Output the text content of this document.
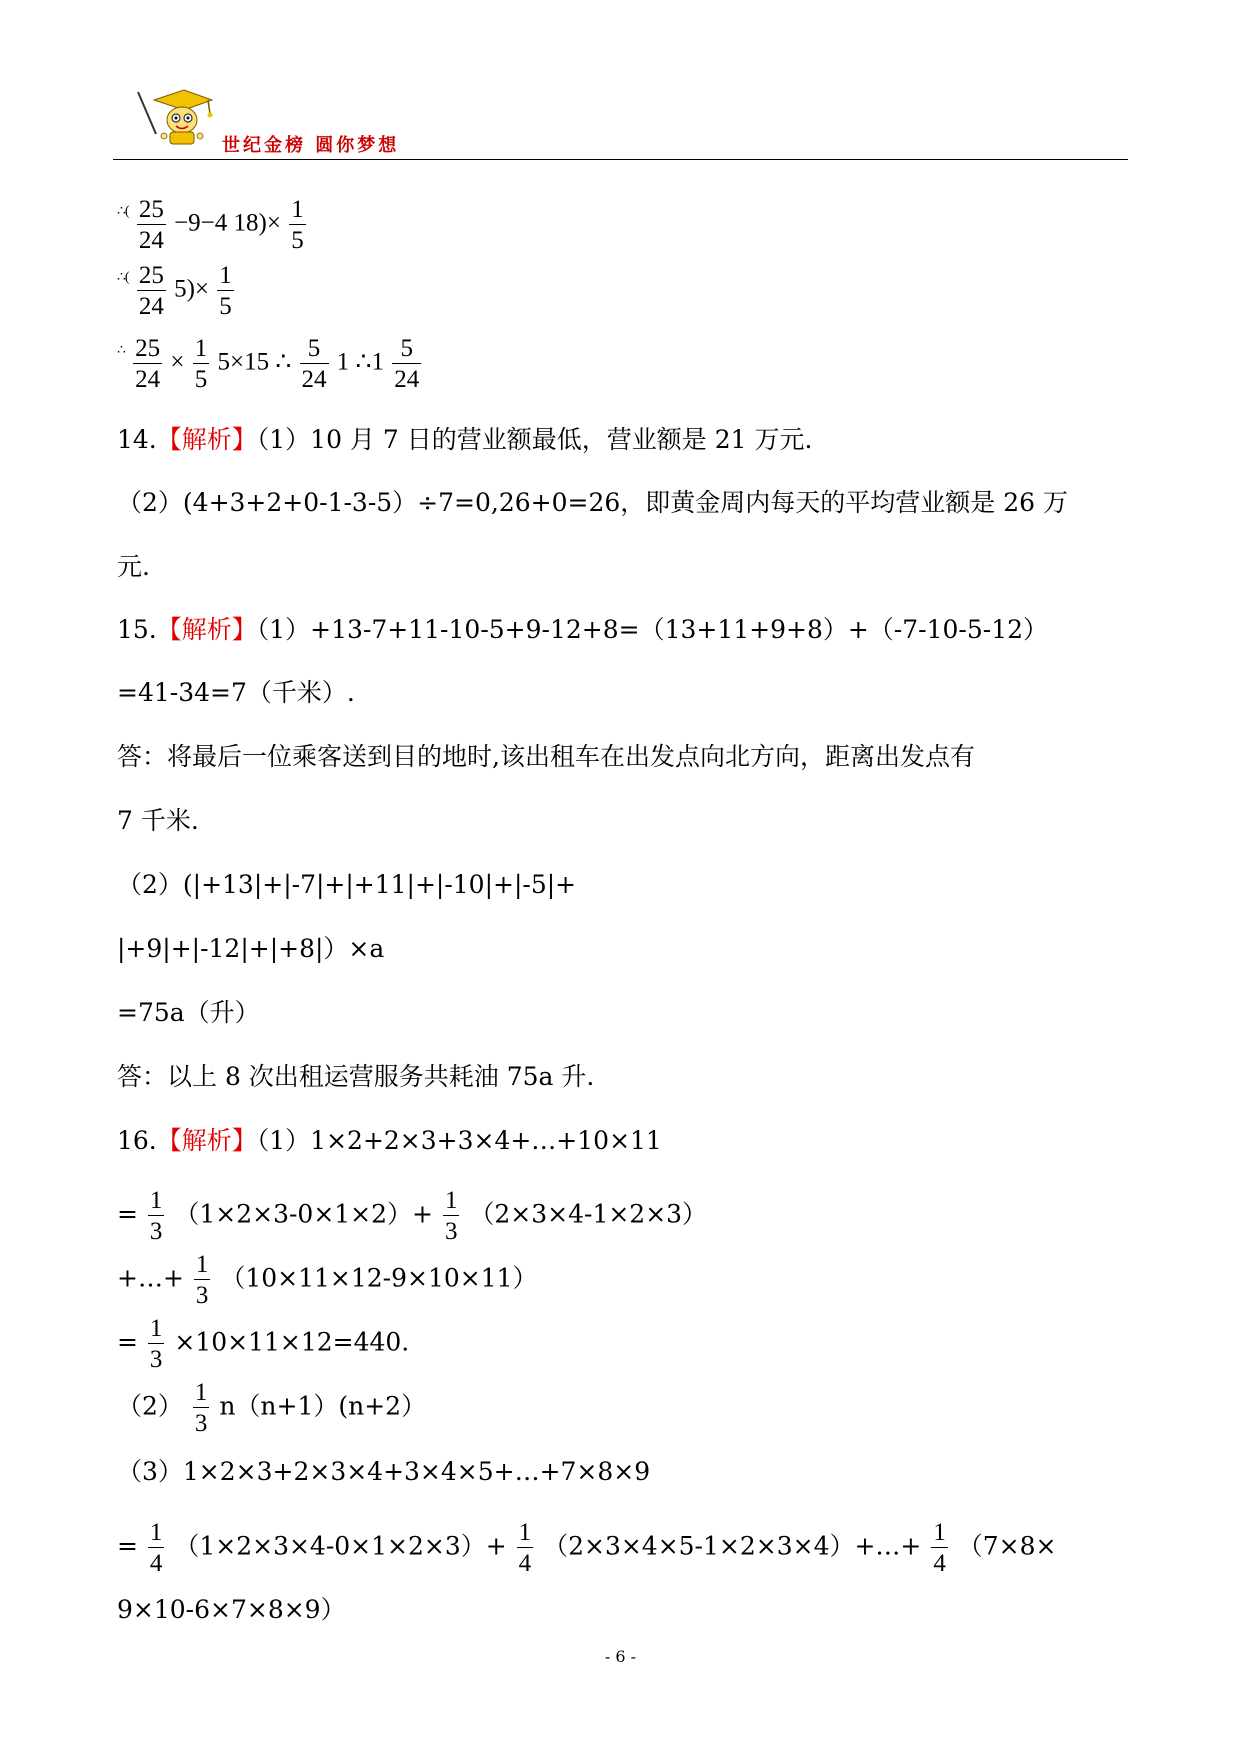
世纪金榜 圆你梦想
$^{\therefore(} \frac{25}{24} -9-4$ $18)\times \frac{1}{5}$
$^{\therefore(} \frac{25}{24} 5)\times \frac{1}{5}$
$^\therefore \frac{25}{24} \times \frac{1}{5} 5\times 15$ ∴ $\frac{5}{24} 1$ ∴1 $\frac{5}{24}$
14.【解析】（1）10 月 7 日的营业额最低，营业额是 21 万元.
（2）(4+3+2+0-1-3-5）÷7=0,26+0=26，即黄金周内每天的平均营业额是 26 万
元.
15.【解析】（1）+13-7+11-10-5+9-12+8=（13+11+9+8）+（-7-10-5-12）
=41-34=7（千米）.
答：将最后一位乘客送到目的地时,该出租车在出发点向北方向，距离出发点有
7 千米.
（2）(|+13|+|-7|+|+11|+|-10|+|-5|+
|+9|+|-12|+|+8|）×a
=75a（升）
答：以上 8 次出租运营服务共耗油 75a 升.
16.【解析】（1）1×2+2×3+3×4+…+10×11
= $\frac{1}{3} (1\times 2\times 3-0\times 1\times 2)+ \frac{1}{3} (2\times 3\times 4-1\times 2\times 3)$
+…+ $\frac{1}{3} (10\times 11\times 12-9\times 10\times 11)$
= $\frac{1}{3} \times 10\times 11\times 12=440$.
$(2) \frac{1}{3} n(n+1)(n+2)$
（3）1×2×3+2×3×4+3×4×5+…+7×8×9
= $\frac{1}{4} (1\times 2\times 3\times 4-0\times 1\times 2\times 3)+ \frac{1}{4}$ （2×3×4×5-1×2×3×4）+…+ $\frac{1}{4} (7\times 8\times$
9×10-6×7×8×9）
- 6 -
